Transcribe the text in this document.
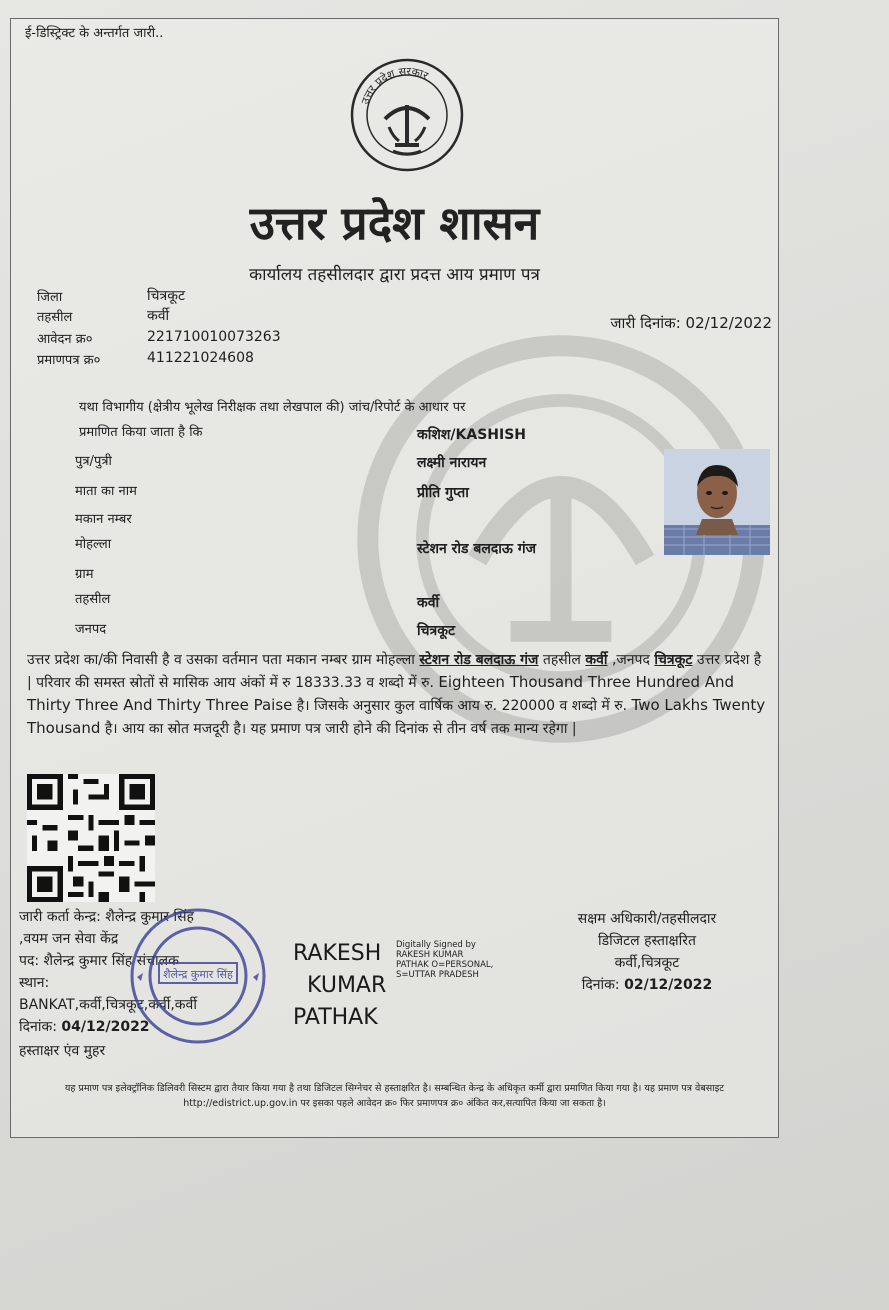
ई-डिस्ट्रिक्ट के अन्तर्गत जारी..
उत्तर प्रदेश सरकार
उत्तर प्रदेश शासन
कार्यालय तहसीलदार द्वारा प्रदत्त आय प्रमाण पत्र
जिला	चित्रकूट
तहसील	कर्वी
आवेदन क्र०	221710010073263
प्रमाणपत्र क्र०	411221024608
जारी दिनांक: 02/12/2022
यथा विभागीय (क्षेत्रीय भूलेख निरीक्षक तथा लेखपाल की) जांच/रिपोर्ट के आधार पर
प्रमाणित किया जाता है कि	कशिश/KASHISH
पुत्र/पुत्री	लक्ष्मी नारायन
माता का नाम	प्रीति गुप्ता
मकान नम्बर
मोहल्ला	स्टेशन रोड बलदाऊ गंज
ग्राम
तहसील	कर्वी
जनपद	चित्रकूट
उत्तर प्रदेश का/की निवासी है व उसका वर्तमान पता मकान नम्बर ग्राम मोहल्ला स्टेशन रोड बलदाऊ गंज तहसील कर्वी ,जनपद चित्रकूट उत्तर प्रदेश है | परिवार की समस्त स्रोतों से मासिक आय अंकों में रु 18333.33 व शब्दो में रु. Eighteen Thousand Three Hundred And Thirty Three And Thirty Three Paise है। जिसके अनुसार कुल वार्षिक आय रु. 220000 व शब्दो में रु. Two Lakhs Twenty Thousand है। आय का स्रोत मजदूरी है। यह प्रमाण पत्र जारी होने की दिनांक से तीन वर्ष तक मान्य रहेगा |
जारी कर्ता केन्द्र: शैलेन्द्र कुमार सिंह
,वयम जन सेवा केंद्र
पद: शैलेन्द्र कुमार सिंह संचालक
स्थान:
BANKAT,कर्वी,चित्रकूट,कर्वी,कर्वी
दिनांक: 04/12/2022
हस्ताक्षर एंव मुहर
शैलेन्द्र कुमार सिंह
RAKESH
KUMAR
PATHAK
Digitally Signed by
RAKESH KUMAR
PATHAK O=PERSONAL,
S=UTTAR PRADESH
सक्षम अधिकारी/तहसीलदार
डिजिटल हस्ताक्षरित
कर्वी,चित्रकूट
दिनांक: 02/12/2022
यह प्रमाण पत्र इलेक्ट्रॉनिक डिलिवरी सिस्टम द्वारा तैयार किया गया है तथा डिजिटल सिग्नेचर से हस्ताक्षरित है। सम्बन्धित केन्द्र के अधिकृत कर्मी द्वारा प्रमाणित किया गया है। यह प्रमाण पत्र वेबसाइट http://edistrict.up.gov.in पर इसका पहले आवेदन क्र० फिर प्रमाणपत्र क्र० अंकित कर,सत्यापित किया जा सकता है।
